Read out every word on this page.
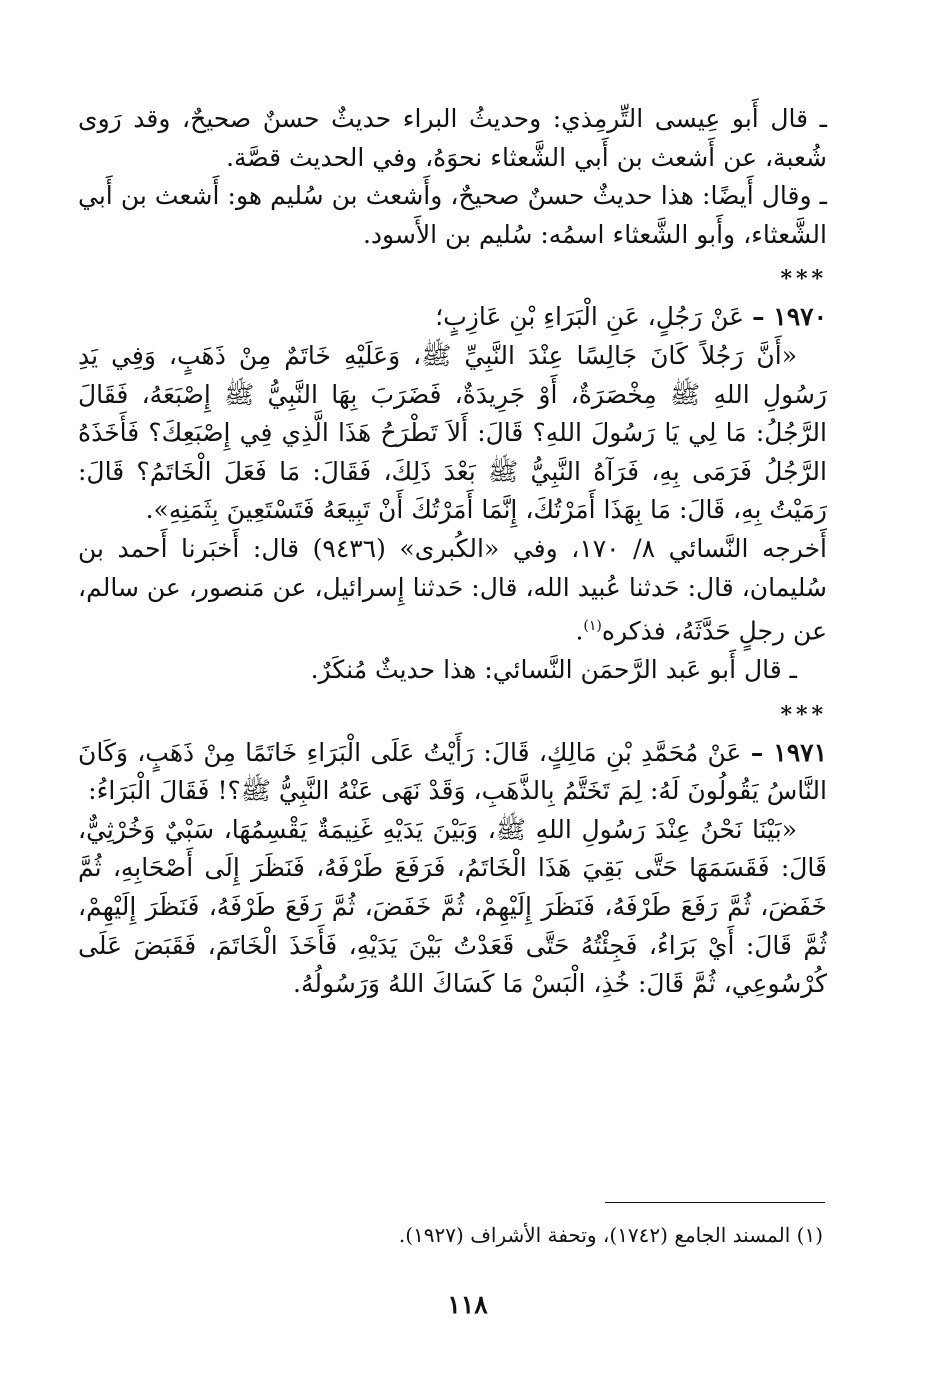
ـ قال أَبو عِيسى التِّرمِذي: وحديثُ البراء حديثٌ حسنٌ صحيحٌ، وقد رَوى شُعبة، عن أَشعث بن أَبي الشَّعثاء نحوَهُ، وفي الحديث قصَّة.

ـ وقال أَيضًا: هذا حديثٌ حسنٌ صحيحٌ، وأَشعث بن سُليم هو: أَشعث بن أَبي الشَّعثاء، وأَبو الشَّعثاء اسمُه: سُليم بن الأَسود.

***

١٩٧٠ – عَنْ رَجُلٍ، عَنِ الْبَرَاءِ بْنِ عَازِبٍ؛

«أَنَّ رَجُلاً كَانَ جَالِسًا عِنْدَ النَّبِيِّ ﷺ، وَعَلَيْهِ خَاتَمٌ مِنْ ذَهَبٍ، وَفِي يَدِ رَسُولِ اللهِ ﷺ مِخْصَرَةٌ، أَوْ جَرِيدَةٌ، فَضَرَبَ بِهَا النَّبِيُّ ﷺ إِصْبَعَهُ، فَقَالَ الرَّجُلُ: مَا لِي يَا رَسُولَ اللهِ؟ قَالَ: أَلاَ تَطْرَحُ هَذَا الَّذِي فِي إِصْبَعِكَ؟ فَأَخَذَهُ الرَّجُلُ فَرَمَى بِهِ، فَرَآهُ النَّبِيُّ ﷺ بَعْدَ ذَلِكَ، فَقَالَ: مَا فَعَلَ الْخَاتَمُ؟ قَالَ: رَمَيْتُ بِهِ، قَالَ: مَا بِهَذَا أَمَرْتُكَ، إِنَّمَا أَمَرْتُكَ أَنْ تَبِيعَهُ فَتَسْتَعِينَ بِثَمَنِهِ».

أَخرجه النَّسائي ٨/ ١٧٠، وفي «الكُبرى» (٩٤٣٦) قال: أَخبَرنا أَحمد بن سُليمان، قال: حَدثنا عُبيد الله، قال: حَدثنا إِسرائيل، عن مَنصور، عن سالم، عن رجلٍ حَدَّثَهُ، فذكره$^{(١)}$.

ـ قال أَبو عَبد الرَّحمَن النَّسائي: هذا حديثٌ مُنكَرٌ.

***

١٩٧١ – عَنْ مُحَمَّدِ بْنِ مَالِكٍ، قَالَ: رَأَيْتُ عَلَى الْبَرَاءِ خَاتَمًا مِنْ ذَهَبٍ، وَكَانَ النَّاسُ يَقُولُونَ لَهُ: لِمَ تَخَتَّمُ بِالذَّهَبِ، وَقَدْ نَهَى عَنْهُ النَّبِيُّ ﷺ؟! فَقَالَ الْبَرَاءُ:

«بَيْنَا نَحْنُ عِنْدَ رَسُولِ اللهِ ﷺ، وَبَيْنَ يَدَيْهِ غَنِيمَةٌ يَقْسِمُهَا، سَبْيٌ وَخُرْثِيٌّ، قَالَ: فَقَسَمَهَا حَتَّى بَقِيَ هَذَا الْخَاتَمُ، فَرَفَعَ طَرْفَهُ، فَنَظَرَ إِلَى أَصْحَابِهِ، ثُمَّ خَفَضَ، ثُمَّ رَفَعَ طَرْفَهُ، فَنَظَرَ إِلَيْهِمْ، ثُمَّ خَفَضَ، ثُمَّ رَفَعَ طَرْفَهُ، فَنَظَرَ إِلَيْهِمْ، ثُمَّ قَالَ: أَيْ بَرَاءُ، فَجِئْتُهُ حَتَّى قَعَدْتُ بَيْنَ يَدَيْهِ، فَأَخَذَ الْخَاتَمَ، فَقَبَضَ عَلَى كُرْسُوعِي، ثُمَّ قَالَ: خُذِ، الْبَسْ مَا كَسَاكَ اللهُ وَرَسُولُهُ.

(١) المسند الجامع (١٧٤٢)، وتحفة الأشراف (١٩٢٧).
١١٨
